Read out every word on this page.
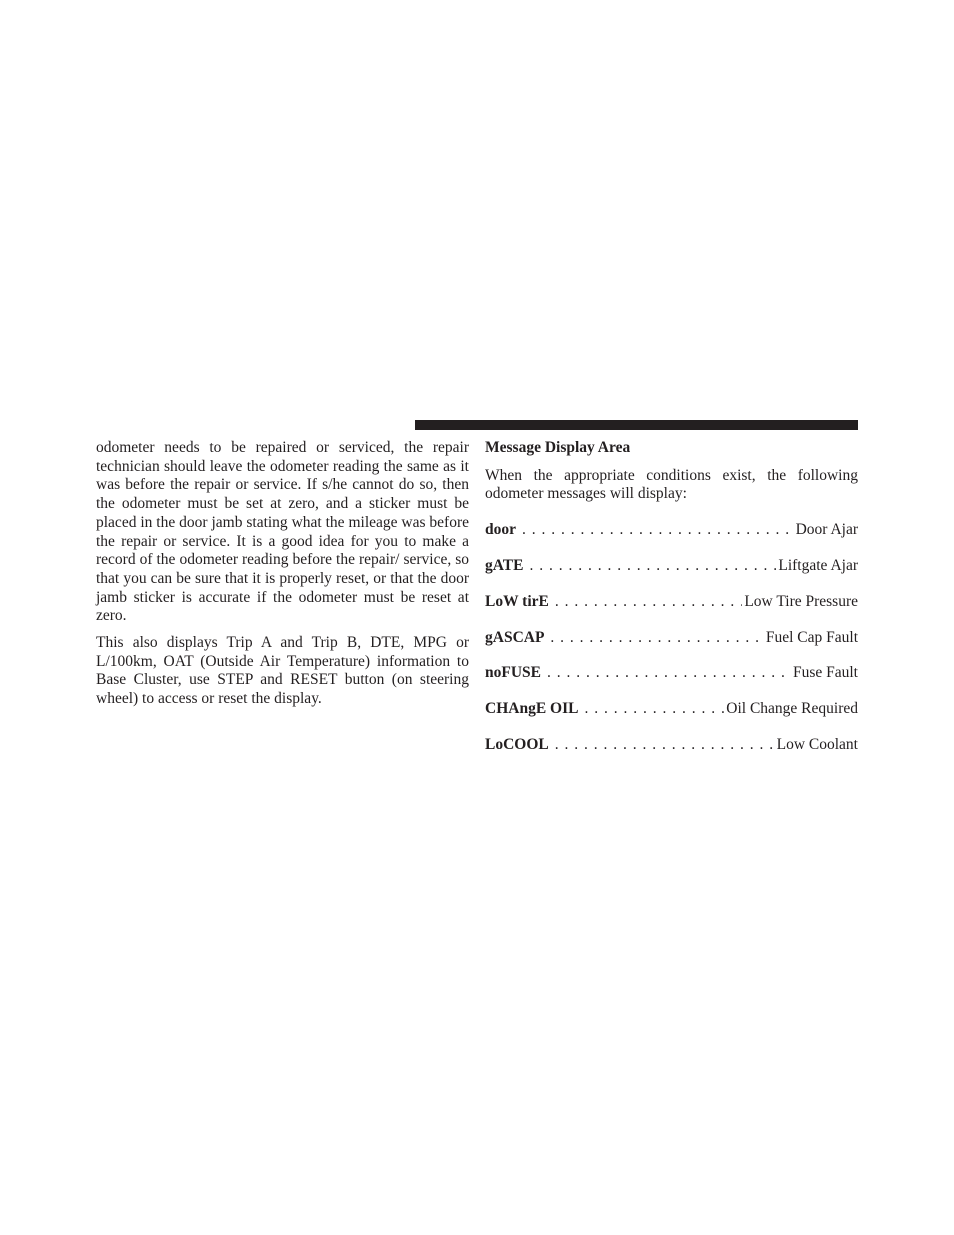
odometer needs to be repaired or serviced, the repair technician should leave the odometer reading the same as it was before the repair or service. If s/he cannot do so, then the odometer must be set at zero, and a sticker must be placed in the door jamb stating what the mileage was before the repair or service. It is a good idea for you to make a record of the odometer reading before the repair/ service, so that you can be sure that it is properly reset, or that the door jamb sticker is accurate if the odometer must be reset at zero.

This also displays Trip A and Trip B, DTE, MPG or L/100km, OAT (Outside Air Temperature) information to Base Cluster, use STEP and RESET button (on steering wheel) to access or reset the display.

Message Display Area

When the appropriate conditions exist, the following odometer messages will display:

door . . .	Door Ajar
gATE . . .	Liftgate Ajar
LoW tirE . . .	Low Tire Pressure
gASCAP . . .	Fuel Cap Fault
noFUSE . . .	Fuse Fault
CHAngE OIL . . .	Oil Change Required
LoCOOL . . .	Low Coolant
